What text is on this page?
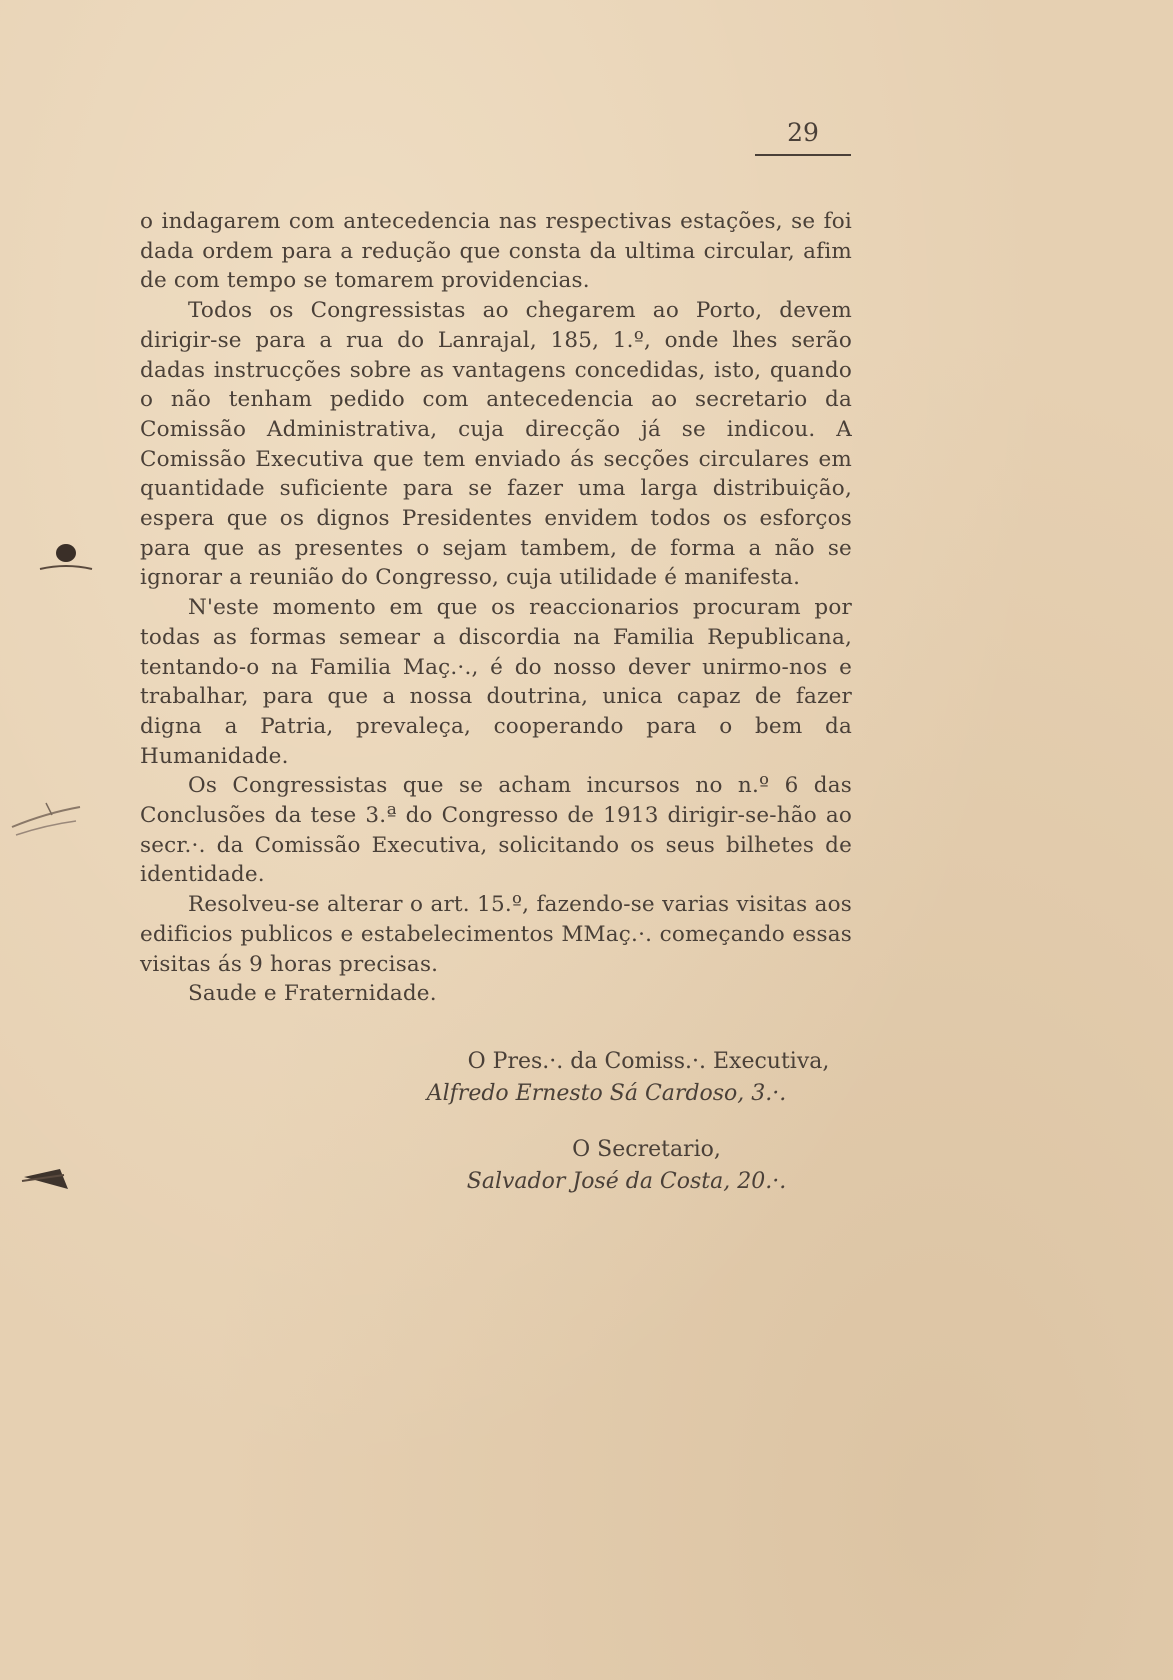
29

o indagarem com antecedencia nas respectivas estações, se foi dada ordem para a redução que consta da ultima circular, afim de com tempo se tomarem providencias.

Todos os Congressistas ao chegarem ao Porto, devem dirigir-se para a rua do Lanrajal, 185, 1.º, onde lhes serão dadas instrucções sobre as vantagens concedidas, isto, quando o não tenham pedido com antecedencia ao secretario da Comissão Administrativa, cuja direcção já se indicou. A Comissão Executiva que tem enviado ás secções circulares em quantidade suficiente para se fazer uma larga distribuição, espera que os dignos Presidentes envidem todos os esforços para que as presentes o sejam tambem, de forma a não se ignorar a reunião do Congresso, cuja utilidade é manifesta.

N'este momento em que os reaccionarios procuram por todas as formas semear a discordia na Familia Republicana, tentando-o na Familia Maç.·., é do nosso dever unirmo-nos e trabalhar, para que a nossa doutrina, unica capaz de fazer digna a Patria, prevaleça, cooperando para o bem da Humanidade.

Os Congressistas que se acham incursos no n.º 6 das Conclusões da tese 3.ª do Congresso de 1913 dirigir-se-hão ao secr.·. da Comissão Executiva, solicitando os seus bilhetes de identidade.

Resolveu-se alterar o art. 15.º, fazendo-se varias visitas aos edificios publicos e estabelecimentos MMaç.·. começando essas visitas ás 9 horas precisas.

Saude e Fraternidade.

O Pres.·. da Comiss.·. Executiva,

Alfredo Ernesto Sá Cardoso, 3.·.

O Secretario,

Salvador José da Costa, 20.·.
